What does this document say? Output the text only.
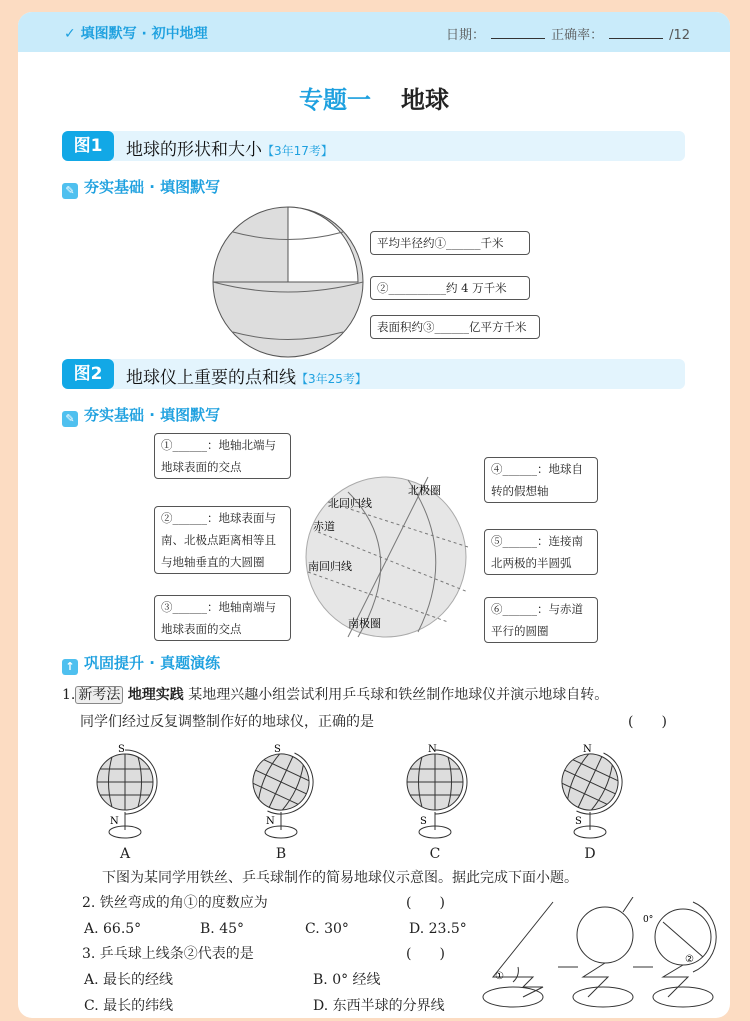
✓ 填图默写 · 初中地理	日期：	正确率：	/12
专题一 地球
图1	地球的形状和大小【3年17考】
✎ 夯实基础 · 填图默写
平均半径约①______千米
②__________约 4 万千米
表面积约③______亿平方千米
图2	地球仪上重要的点和线【3年25考】
✎ 夯实基础 · 填图默写
北极圈
北回归线
赤道
南回归线
南极圈
①______：地轴北端与地球表面的交点
②______：地球表面与南、北极点距离相等且与地轴垂直的大圆圈
③______：地轴南端与地球表面的交点
④______：地球自转的假想轴
⑤______：连接南北两极的半圆弧
⑥______：与赤道平行的圆圈
↑ 巩固提升 · 真题演练
1. 新考法 地理实践 某地理兴趣小组尝试利用乒乓球和铁丝制作地球仪并演示地球自转。
同学们经过反复调整制作好的地球仪，正确的是	(　　)
S
N
A
S
N
B
N
S
C
N
S
D
下图为某同学用铁丝、乒乓球制作的简易地球仪示意图。据此完成下面小题。
2. 铁丝弯成的角①的度数应为	(　　)
A. 66.5°	B. 45°	C. 30°	D. 23.5°
3. 乒乓球上线条②代表的是	(　　)
A. 最长的经线	B. 0° 经线
C. 最长的纬线	D. 东西半球的分界线
①
②
0°
